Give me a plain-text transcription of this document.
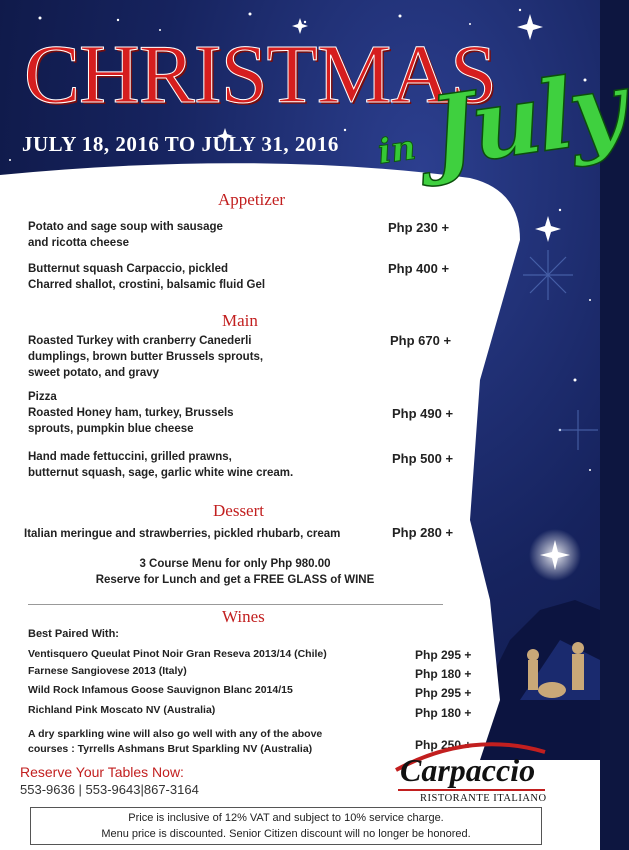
CHRISTMAS
JULY 18, 2016 TO JULY 31, 2016 July
in
Appetizer
Potato and sage soup with sausage
and ricotta cheese
Php 230 +
Butternut squash Carpaccio, pickled
Charred shallot, crostini, balsamic fluid Gel
Php 400 +
Main
Roasted Turkey with cranberry Canederli
dumplings, brown butter Brussels sprouts,
sweet potato, and gravy
Php 670 +
Pizza
Roasted Honey ham, turkey, Brussels
sprouts, pumpkin blue cheese
Php 490 +
Hand made fettuccini, grilled prawns,
butternut squash, sage, garlic white wine cream.
Php 500 +
Dessert
Italian meringue and strawberries, pickled rhubarb, cream	Php 280 +
3 Course Menu for only Php 980.00
Reserve for Lunch and get a FREE GLASS of WINE
Wines
Best Paired With:
Ventisquero Queulat Pinot Noir Gran Reseva 2013/14 (Chile)	Php 295 +
Farnese Sangiovese 2013 (Italy)	Php 180 +
Wild Rock Infamous Goose Sauvignon Blanc 2014/15	Php 295 +
Richland Pink Moscato NV (Australia)	Php 180 +
A dry sparkling wine will also go well with any of the above
courses : Tyrrells Ashmans Brut Sparkling NV (Australia)	Php 250 +
Reserve Your Tables Now:
553-9636 | 553-9643|867-3164
Carpaccio
RISTORANTE ITALIANO
Price is inclusive of 12% VAT and subject to 10% service charge.
Menu price is discounted. Senior Citizen discount will no longer be honored.
